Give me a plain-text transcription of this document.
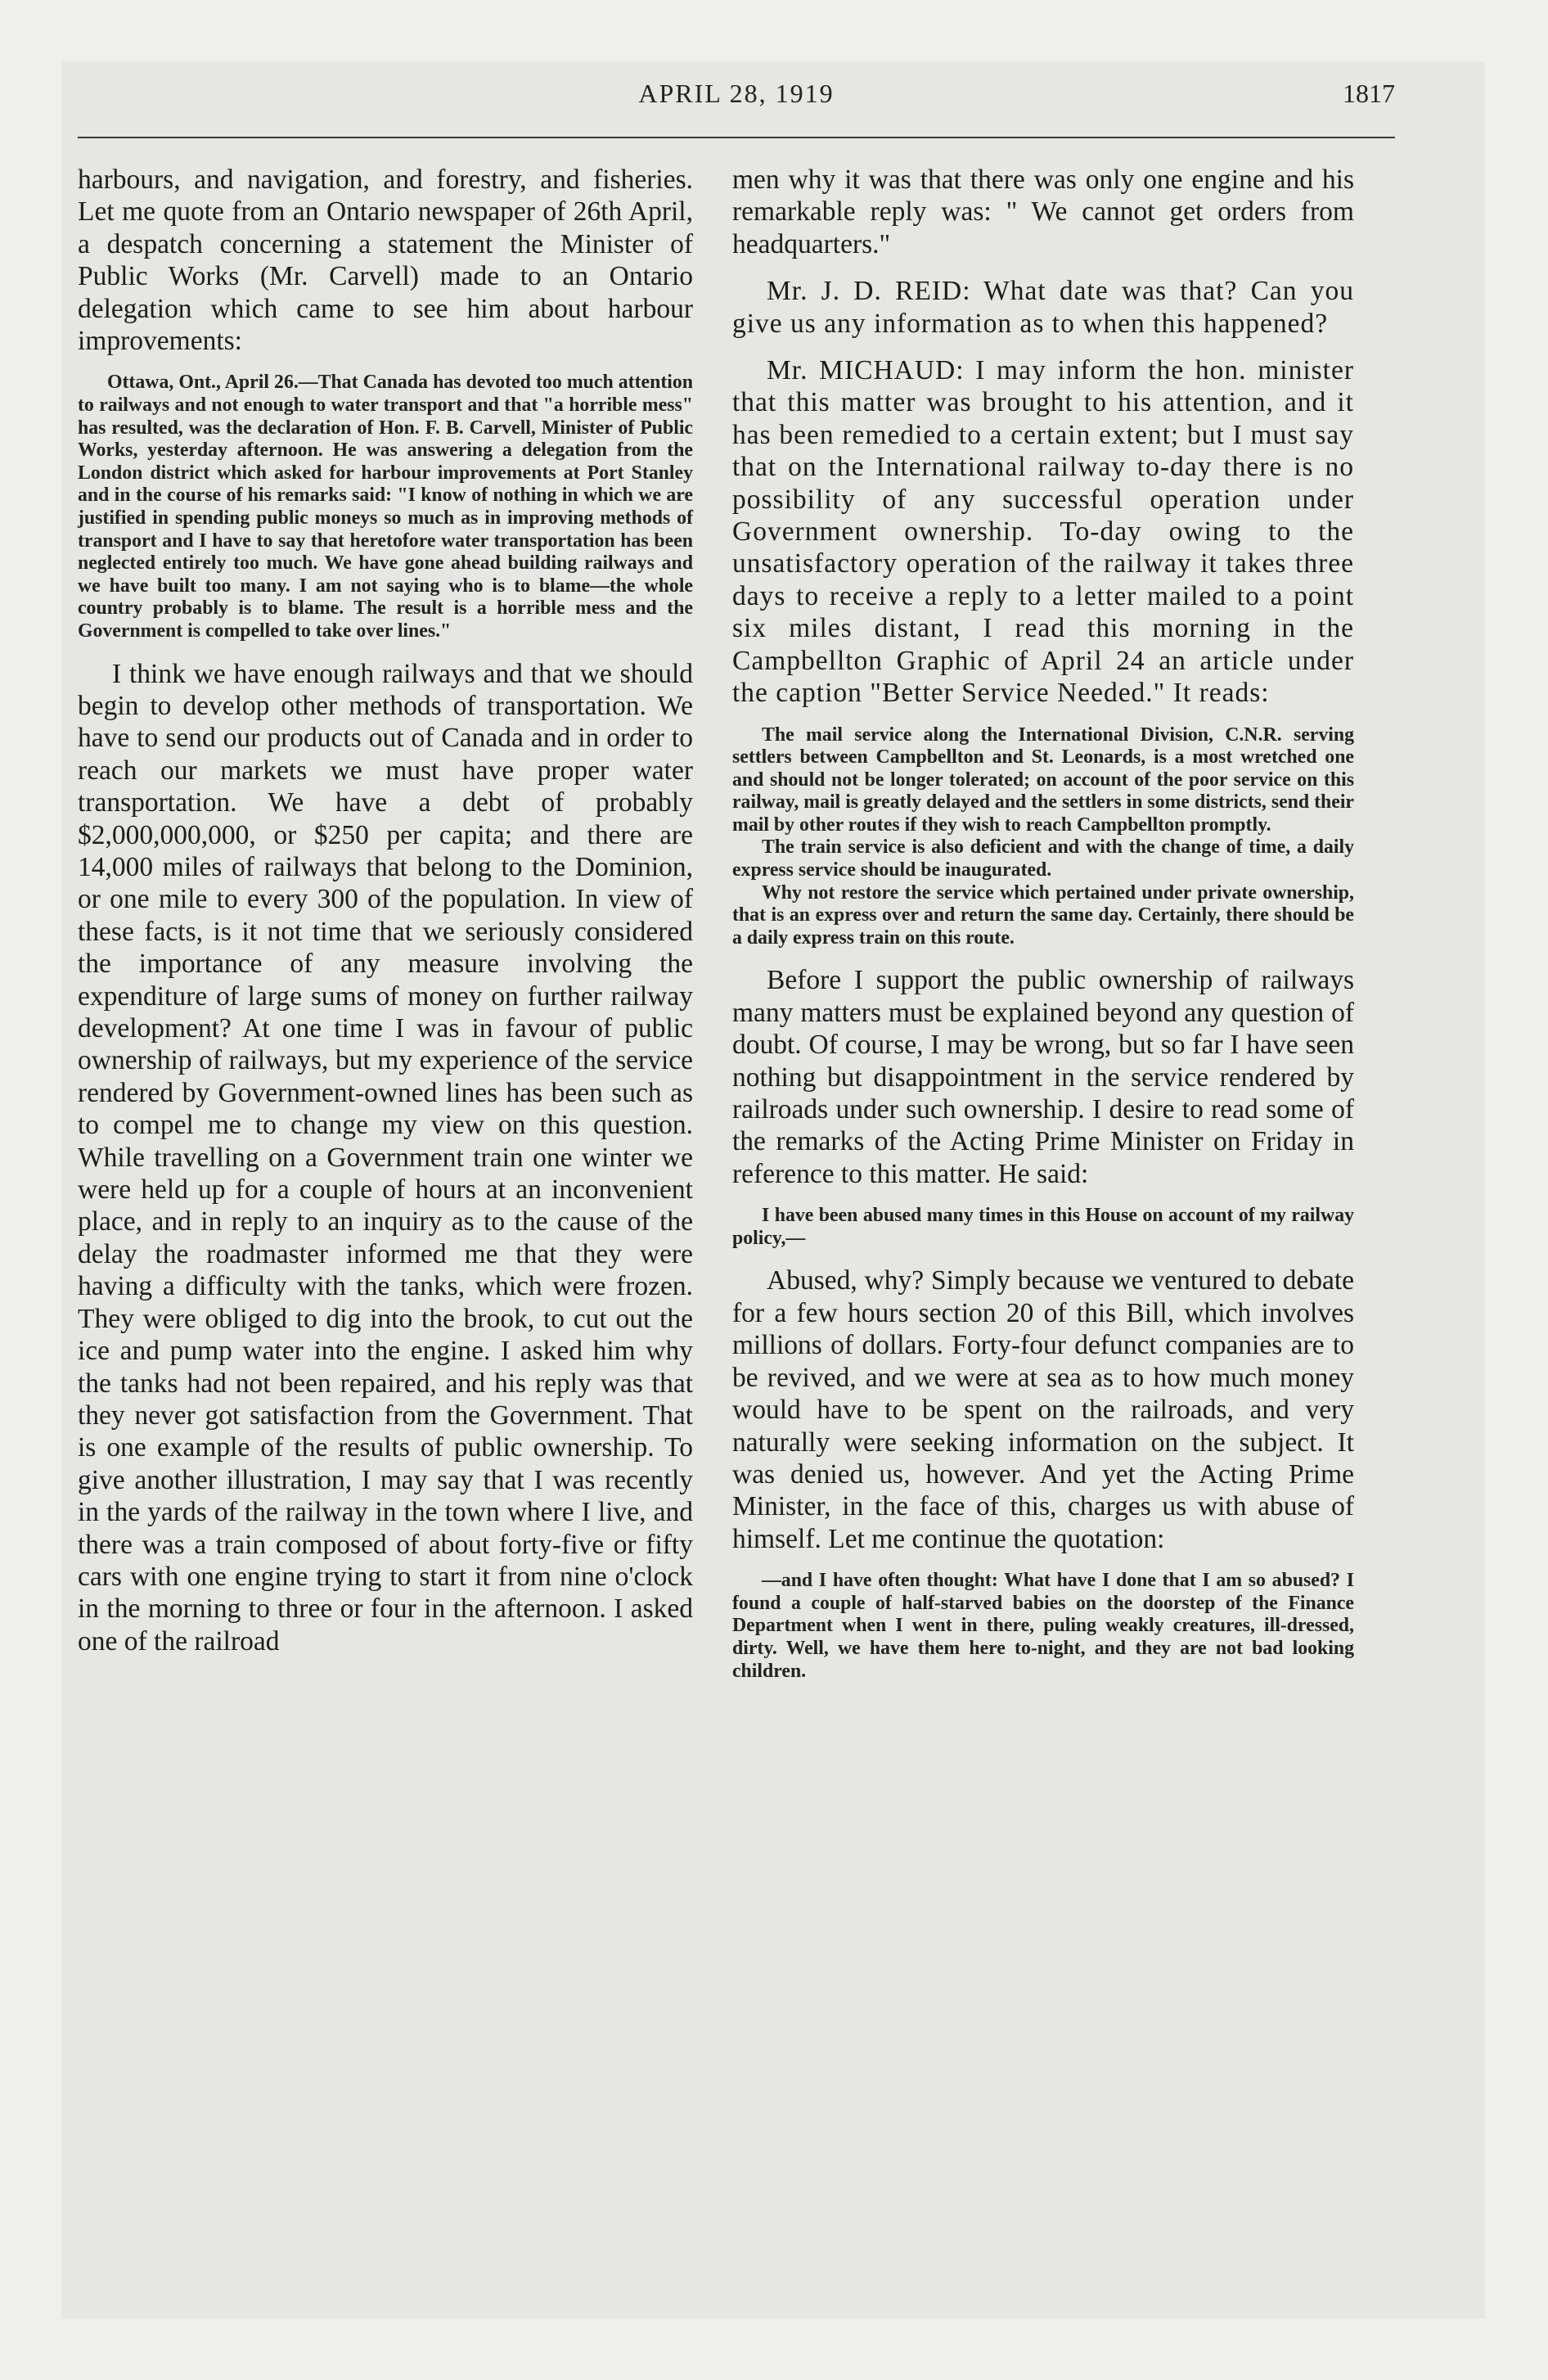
APRIL 28, 1919	1817

harbours, and navigation, and forestry, and fisheries. Let me quote from an Ontario newspaper of 26th April, a despatch concerning a statement the Minister of Public Works (Mr. Carvell) made to an Ontario delegation which came to see him about harbour improvements:

Ottawa, Ont., April 26.—That Canada has devoted too much attention to railways and not enough to water transport and that "a horrible mess" has resulted, was the declaration of Hon. F. B. Carvell, Minister of Public Works, yesterday afternoon. He was answering a delegation from the London district which asked for harbour improvements at Port Stanley and in the course of his remarks said: "I know of nothing in which we are justified in spending public moneys so much as in improving methods of transport and I have to say that heretofore water transportation has been neglected entirely too much. We have gone ahead building railways and we have built too many. I am not saying who is to blame—the whole country probably is to blame. The result is a horrible mess and the Government is compelled to take over lines."

I think we have enough railways and that we should begin to develop other methods of transportation. We have to send our products out of Canada and in order to reach our markets we must have proper water transportation. We have a debt of probably $2,000,000,000, or $250 per capita; and there are 14,000 miles of railways that belong to the Dominion, or one mile to every 300 of the population. In view of these facts, is it not time that we seriously considered the importance of any measure involving the expenditure of large sums of money on further railway development? At one time I was in favour of public ownership of railways, but my experience of the service rendered by Government-owned lines has been such as to compel me to change my view on this question. While travelling on a Government train one winter we were held up for a couple of hours at an inconvenient place, and in reply to an inquiry as to the cause of the delay the roadmaster informed me that they were having a difficulty with the tanks, which were frozen. They were obliged to dig into the brook, to cut out the ice and pump water into the engine. I asked him why the tanks had not been repaired, and his reply was that they never got satisfaction from the Government. That is one example of the results of public ownership. To give another illustration, I may say that I was recently in the yards of the railway in the town where I live, and there was a train composed of about forty-five or fifty cars with one engine trying to start it from nine o'clock in the morning to three or four in the afternoon. I asked one of the railroad

men why it was that there was only one engine and his remarkable reply was: " We cannot get orders from headquarters."

Mr. J. D. REID: What date was that? Can you give us any information as to when this happened?

Mr. MICHAUD: I may inform the hon. minister that this matter was brought to his attention, and it has been remedied to a certain extent; but I must say that on the International railway to-day there is no possibility of any successful operation under Government ownership. To-day owing to the unsatisfactory operation of the railway it takes three days to receive a reply to a letter mailed to a point six miles distant, I read this morning in the Campbellton Graphic of April 24 an article under the caption "Better Service Needed." It reads:

The mail service along the International Division, C.N.R. serving settlers between Campbellton and St. Leonards, is a most wretched one and should not be longer tolerated; on account of the poor service on this railway, mail is greatly delayed and the settlers in some districts, send their mail by other routes if they wish to reach Campbellton promptly.

The train service is also deficient and with the change of time, a daily express service should be inaugurated.

Why not restore the service which pertained under private ownership, that is an express over and return the same day. Certainly, there should be a daily express train on this route.

Before I support the public ownership of railways many matters must be explained beyond any question of doubt. Of course, I may be wrong, but so far I have seen nothing but disappointment in the service rendered by railroads under such ownership. I desire to read some of the remarks of the Acting Prime Minister on Friday in reference to this matter. He said:

I have been abused many times in this House on account of my railway policy,—

Abused, why? Simply because we ventured to debate for a few hours section 20 of this Bill, which involves millions of dollars. Forty-four defunct companies are to be revived, and we were at sea as to how much money would have to be spent on the railroads, and very naturally were seeking information on the subject. It was denied us, however. And yet the Acting Prime Minister, in the face of this, charges us with abuse of himself. Let me continue the quotation:

—and I have often thought: What have I done that I am so abused? I found a couple of half-starved babies on the doorstep of the Finance Department when I went in there, puling weakly creatures, ill-dressed, dirty. Well, we have them here to-night, and they are not bad looking children.
